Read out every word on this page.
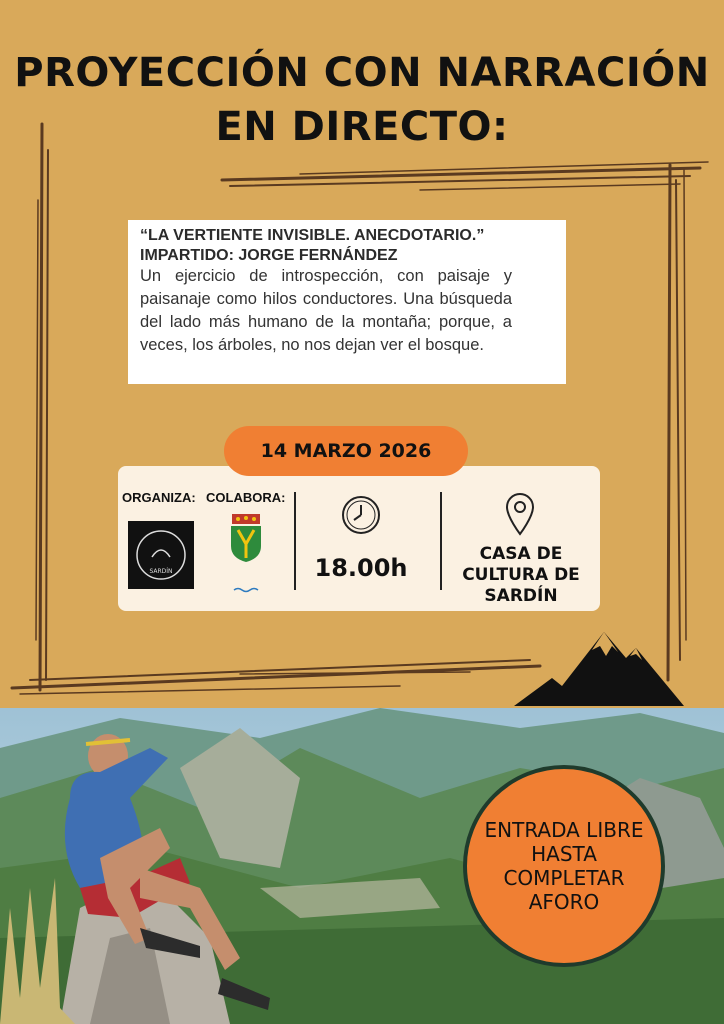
PROYECCIÓN CON NARRACIÓN
EN DIRECTO:
“LA VERTIENTE INVISIBLE. ANECDOTARIO.”
IMPARTIDO: JORGE FERNÁNDEZ
Un ejercicio de introspección, con paisaje y paisanaje como hilos conductores. Una búsqueda del lado más humano de la montaña; porque, a veces, los árboles, no nos dejan ver el bosque.
ORGANIZA: COLABORA:
SARDÍN	18.00h	CASA DE CULTURA DE SARDÍN
14 MARZO 2026
ENTRADA LIBRE HASTA COMPLETAR AFORO
